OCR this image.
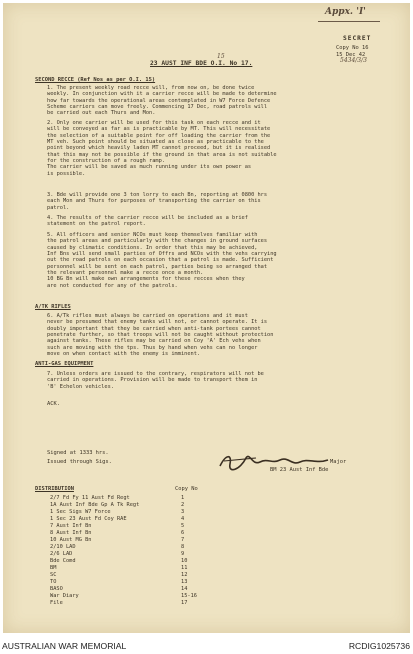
Appx. 'I'
SECRET
Copy No 16
15 Dec 42
5434/3/3
23 AUST INF BDE O.I. No 17.
15
SECOND RECCE (Ref Nos as per O.I. 15)
1. The present weekly road recce will, from now on, be done twice
weekly. In conjunction with it a carrier recce will be made to determine
how far towards the operational areas contemplated in W7 Force Defence
Scheme carriers can move freely. Commencing 17 Dec, road patrols will
be carried out each Thurs and Mon.
2. Only one carrier will be used for this task on each recce and it
will be conveyed as far as is practicable by MT. This will necessitate
the selection of a suitable point for off loading the carrier from the
MT veh. Such point should be situated as close as practicable to the
point beyond which heavily laden MT cannot proceed, but it is realised
that this may not be possible if the ground in that area is not suitable
for the construction of a rough ramp.
The carrier will be saved as much running under its own power as
is possible.
3. Bde will provide one 3 ton lorry to each Bn, reporting at 0800 hrs
each Mon and Thurs for purposes of transporting the carrier on this
patrol.
4. The results of the carrier recce will be included as a brief
statement on the patrol report.
5. All officers and senior NCOs must keep themselves familiar with
the patrol areas and particularly with the changes in ground surfaces
caused by climatic conditions. In order that this may be achieved,
Inf Bns will send small parties of Offrs and NCOs with the vehs carrying
out the road patrols on each occasion that a patrol is made. Sufficient
personnel will be sent on each patrol, parties being so arranged that
the relevant personnel make a recce once a month.
10 BG Bn will make own arrangements for these recces when they
are not conducted for any of the patrols.
A/TK RIFLES
6. A/Tk rifles must always be carried on operations and it must
never be presumed that enemy tanks will not, or cannot operate. It is
doubly important that they be carried when anti-tank portees cannot
penetrate further, so that troops will not be caught without protection
against tanks. These rifles may be carried on Coy 'A' Ech vehs when
such are moving with the tps. Thus by hand when vehs can no longer
move on when contact with the enemy is imminent.
ANTI-GAS EQUIPMENT
7. Unless orders are issued to the contrary, respirators will not be
carried in operations. Provision will be made to transport them in
'B' Echelon vehicles.
ACK.
Signed at 1333 hrs.
Issued through Sigs.	Major
BM 23 Aust Inf Bde
DISTRIBUTION	Copy No
2/7 Fd Fy 11 Aust Fd Regt	1
1A Aust Inf Bde Gp A Tk Regt	2
1 Sec Sigs W7 Force	3
1 Sec 23 Aust Fd Coy RAE	4
7 Aust Inf Bn	5
8 Aust Inf Bn	6
10 Aust MG Bn	7
2/10 LAD	8
2/6 LAD	9
Bde Comd	10
BM	11
SC	12
TO	13
BASO	14
War Diary	15-16
File	17
AUSTRALIAN WAR MEMORIAL	RCDIG1025736
